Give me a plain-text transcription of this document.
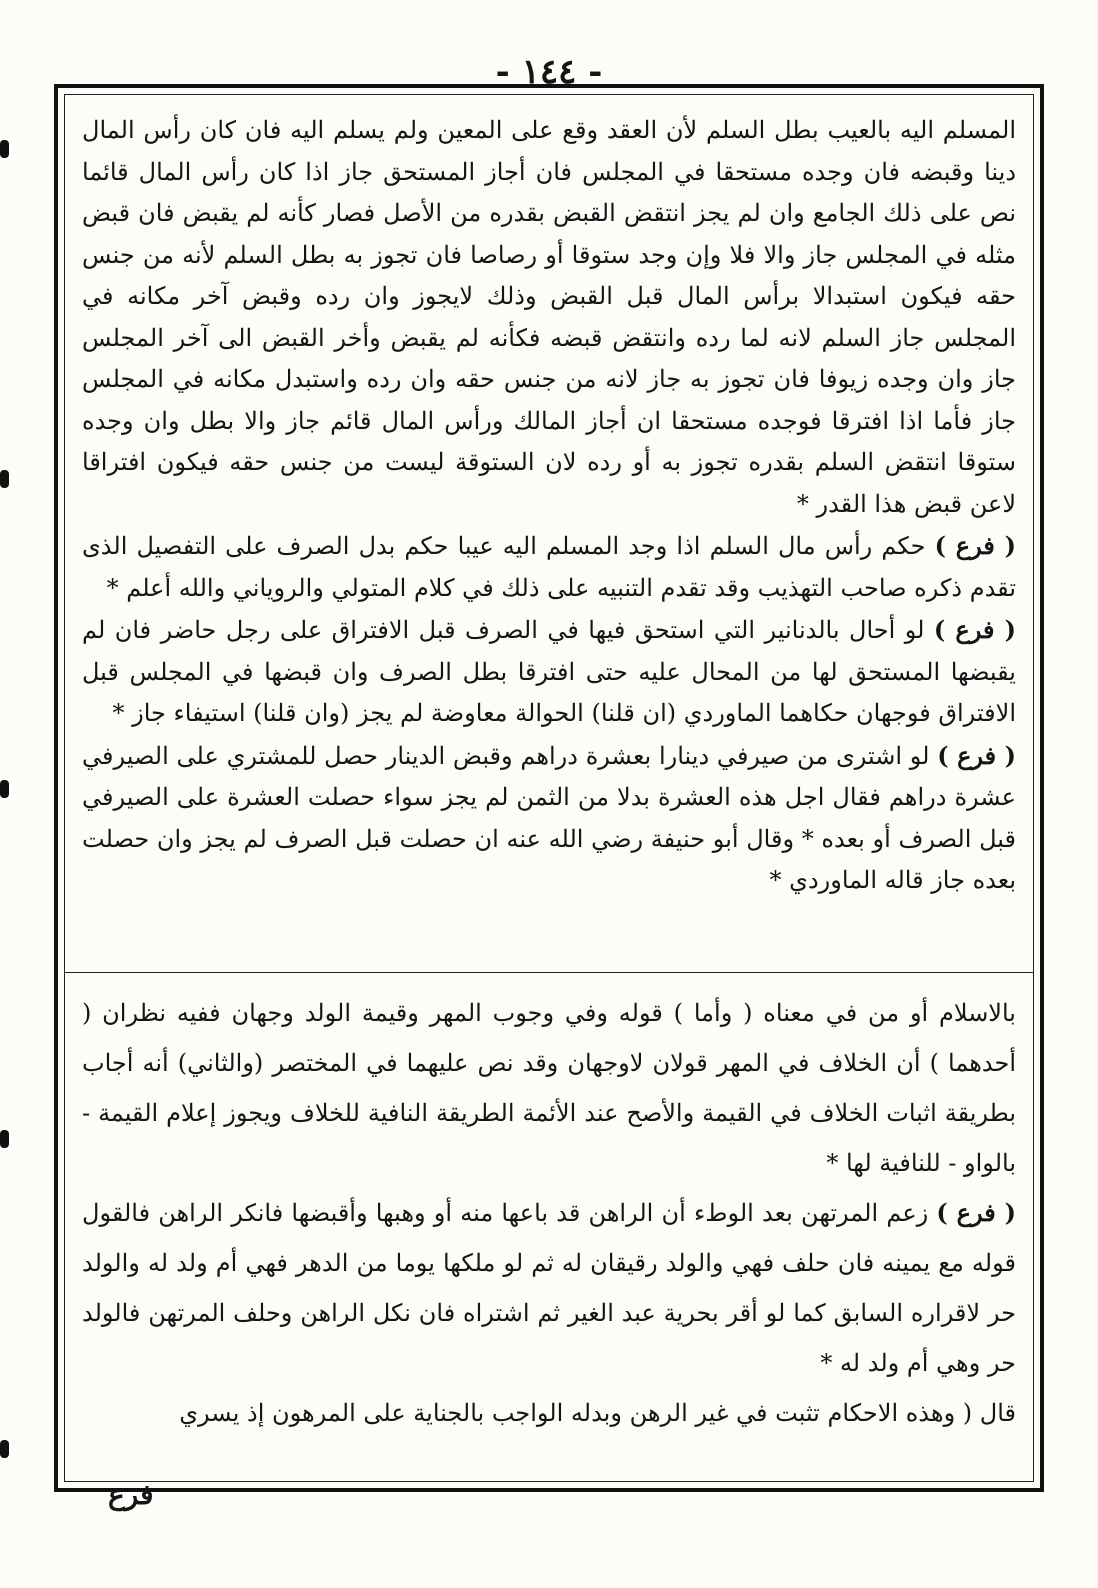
- ١٤٤ -

المسلم اليه بالعيب بطل السلم لأن العقد وقع على المعين ولم يسلم اليه فان كان رأس المال دينا وقبضه فان وجده مستحقا في المجلس فان أجاز المستحق جاز اذا كان رأس المال قائما نص على ذلك الجامع وان لم يجز انتقض القبض بقدره من الأصل فصار كأنه لم يقبض فان قبض مثله في المجلس جاز والا فلا وإن وجد ستوقا أو رصاصا فان تجوز به بطل السلم لأنه من جنس حقه فيكون استبدالا برأس المال قبل القبض وذلك لايجوز وان رده وقبض آخر مكانه في المجلس جاز السلم لانه لما رده وانتقض قبضه فكأنه لم يقبض وأخر القبض الى آخر المجلس جاز وان وجده زيوفا فان تجوز به جاز لانه من جنس حقه وان رده واستبدل مكانه في المجلس جاز فأما اذا افترقا فوجده مستحقا ان أجاز المالك ورأس المال قائم جاز والا بطل وان وجده ستوقا انتقض السلم بقدره تجوز به أو رده لان الستوقة ليست من جنس حقه فيكون افتراقا لاعن قبض هذا القدر *

( فرع ) حكم رأس مال السلم اذا وجد المسلم اليه عيبا حكم بدل الصرف على التفصيل الذى تقدم ذكره صاحب التهذيب وقد تقدم التنبيه على ذلك في كلام المتولي والروياني والله أعلم *

( فرع ) لو أحال بالدنانير التي استحق فيها في الصرف قبل الافتراق على رجل حاضر فان لم يقبضها المستحق لها من المحال عليه حتى افترقا بطل الصرف وان قبضها في المجلس قبل الافتراق فوجهان حكاهما الماوردي (ان قلنا) الحوالة معاوضة لم يجز (وان قلنا) استيفاء جاز *

( فرع ) لو اشترى من صيرفي دينارا بعشرة دراهم وقبض الدينار حصل للمشتري على الصيرفي عشرة دراهم فقال اجل هذه العشرة بدلا من الثمن لم يجز سواء حصلت العشرة على الصيرفي قبل الصرف أو بعده * وقال أبو حنيفة رضي الله عنه ان حصلت قبل الصرف لم يجز وان حصلت بعده جاز قاله الماوردي *

بالاسلام أو من في معناه ( وأما ) قوله وفي وجوب المهر وقيمة الولد وجهان ففيه نظران ( أحدهما ) أن الخلاف في المهر قولان لاوجهان وقد نص عليهما في المختصر (والثاني) أنه أجاب بطريقة اثبات الخلاف في القيمة والأصح عند الأئمة الطريقة النافية للخلاف ويجوز إعلام القيمة - بالواو - للنافية لها *

( فرع ) زعم المرتهن بعد الوطء أن الراهن قد باعها منه أو وهبها وأقبضها فانكر الراهن فالقول قوله مع يمينه فان حلف فهي والولد رقيقان له ثم لو ملكها يوما من الدهر فهي أم ولد له والولد حر لاقراره السابق كما لو أقر بحرية عبد الغير ثم اشتراه فان نكل الراهن وحلف المرتهن فالولد حر وهي أم ولد له *

قال ( وهذه الاحكام تثبت في غير الرهن وبدله الواجب بالجناية على المرهون إذ يسري

فرع
